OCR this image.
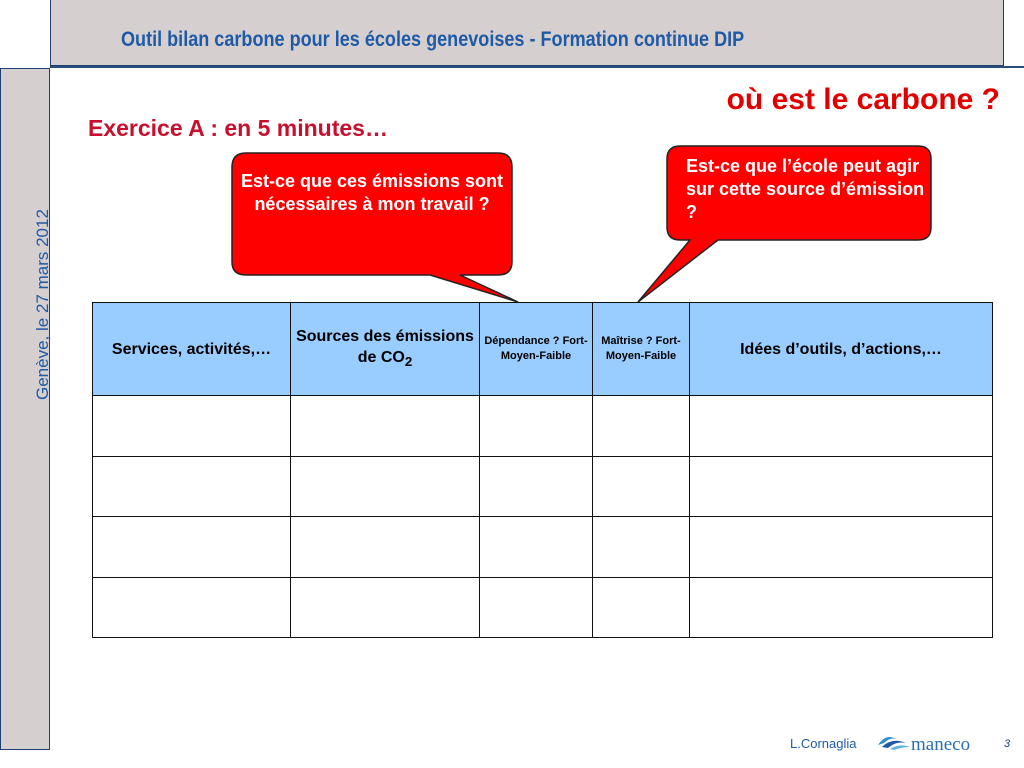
Outil bilan carbone pour les écoles genevoises - Formation continue DIP

Genève, le 27 mars 2012

où est le carbone ?
Exercice A : en 5 minutes…
Est-ce que ces émissions sont nécessaires à mon travail ?
Est-ce que l’école peut agir sur cette source d’émission ?
Services, activités,…	Sources des émissions de $CO_2$	Dépendance ? Fort-Moyen-Faible	Maîtrise ? Fort-Moyen-Faible	Idées d’outils, d’actions,…

L.Cornaglia	maneco	3
